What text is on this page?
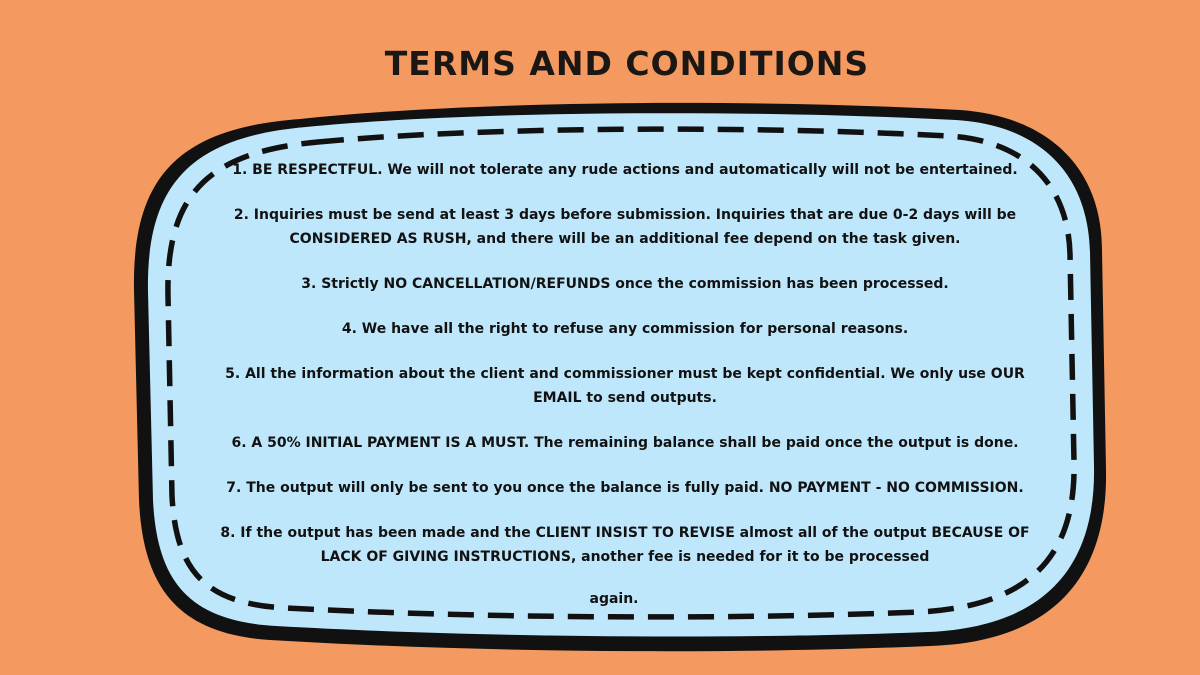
TERMS AND CONDITIONS

1. BE RESPECTFUL. We will not tolerate any rude actions and automatically will not be entertained.

2. Inquiries must be send at least 3 days before submission. Inquiries that are due 0-2 days will be CONSIDERED AS RUSH, and there will be an additional fee depend on the task given.

3. Strictly NO CANCELLATION/REFUNDS once the commission has been processed.

4. We have all the right to refuse any commission for personal reasons.

5. All the information about the client and commissioner must be kept confidential. We only use OUR EMAIL to send outputs.

6. A 50% INITIAL PAYMENT IS A MUST. The remaining balance shall be paid once the output is done.

7. The output will only be sent to you once the balance is fully paid. NO PAYMENT - NO COMMISSION.

8. If the output has been made and the CLIENT INSIST TO REVISE almost all of the output BECAUSE OF LACK OF GIVING INSTRUCTIONS, another fee is needed for it to be processed

again.
